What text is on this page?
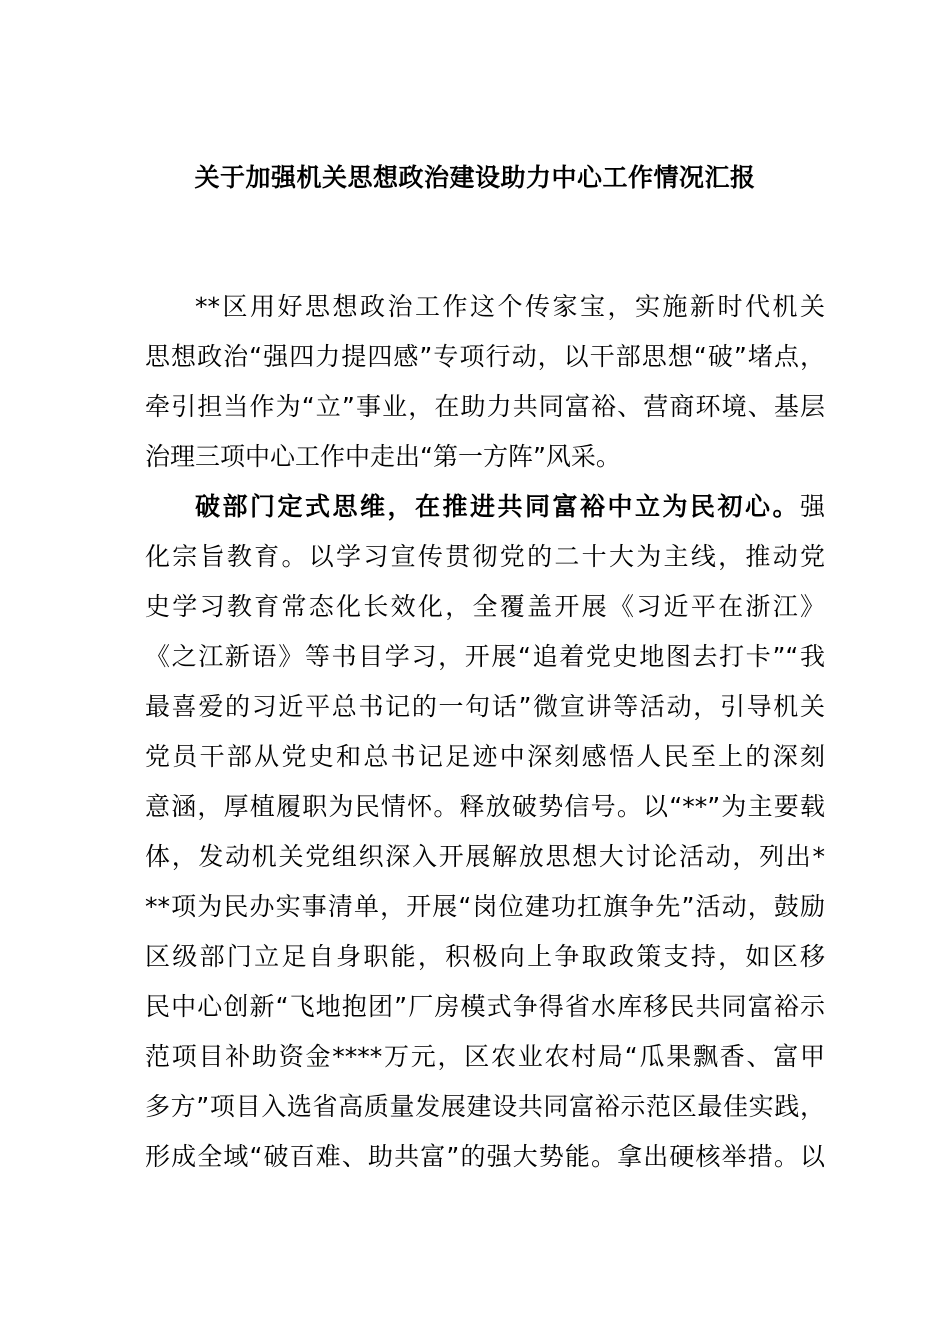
关于加强机关思想政治建设助力中心工作情况汇报
**区用好思想政治工作这个传家宝，实施新时代机关
思想政治“强四力提四感”专项行动，以干部思想“破”堵点，
牵引担当作为“立”事业，在助力共同富裕、营商环境、基层
治理三项中心工作中走出“第一方阵”风采。
破部门定式思维，在推进共同富裕中立为民初心。强
化宗旨教育。以学习宣传贯彻党的二十大为主线，推动党
史学习教育常态化长效化，全覆盖开展《习近平在浙江》
《之江新语》等书目学习，开展“追着党史地图去打卡”“我
最喜爱的习近平总书记的一句话”微宣讲等活动，引导机关
党员干部从党史和总书记足迹中深刻感悟人民至上的深刻
意涵，厚植履职为民情怀。释放破势信号。以“**”为主要载
体，发动机关党组织深入开展解放思想大讨论活动，列出*
**项为民办实事清单，开展“岗位建功扛旗争先”活动，鼓励
区级部门立足自身职能，积极向上争取政策支持，如区移
民中心创新“飞地抱团”厂房模式争得省水库移民共同富裕示
范项目补助资金****万元，区农业农村局“瓜果飘香、富甲
多方”项目入选省高质量发展建设共同富裕示范区最佳实践，
形成全域“破百难、助共富”的强大势能。拿出硬核举措。以
